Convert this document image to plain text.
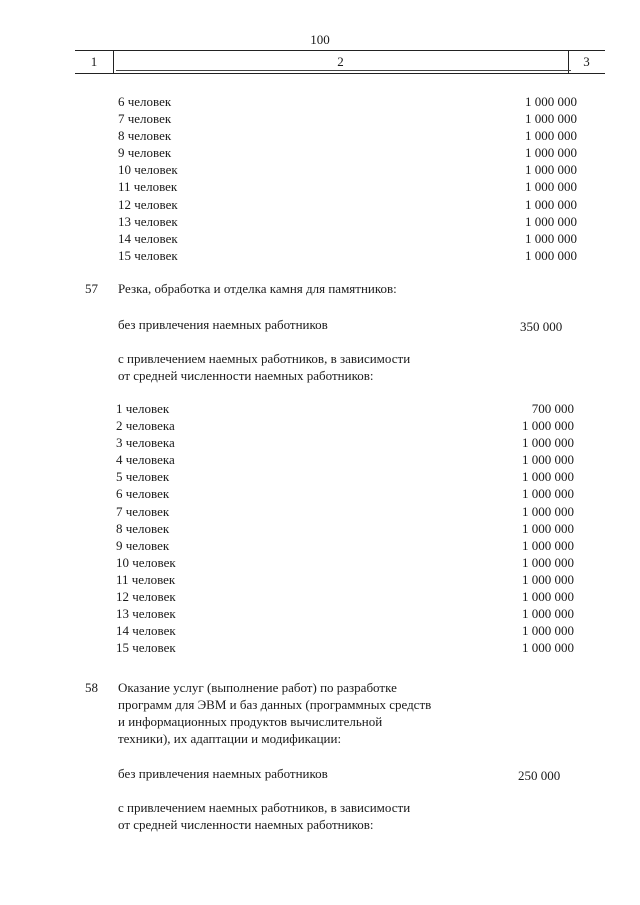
100
1	2	3
6 человек	1 000 000
7 человек	1 000 000
8 человек	1 000 000
9 человек	1 000 000
10 человек	1 000 000
11 человек	1 000 000
12 человек	1 000 000
13 человек	1 000 000
14 человек	1 000 000
15 человек	1 000 000
57 Резка, обработка и отделка камня для памятников:
без привлечения наемных работников	350 000
с привлечением наемных работников, в зависимости
от средней численности наемных работников:
1 человек	700 000
2 человека	1 000 000
3 человека	1 000 000
4 человека	1 000 000
5 человек	1 000 000
6 человек	1 000 000
7 человек	1 000 000
8 человек	1 000 000
9 человек	1 000 000
10 человек	1 000 000
11 человек	1 000 000
12 человек	1 000 000
13 человек	1 000 000
14 человек	1 000 000
15 человек	1 000 000
58 Оказание услуг (выполнение работ) по разработке
программ для ЭВМ и баз данных (программных средств
и информационных продуктов вычислительной
техники), их адаптации и модификации:
без привлечения наемных работников	250 000
с привлечением наемных работников, в зависимости
от средней численности наемных работников:
